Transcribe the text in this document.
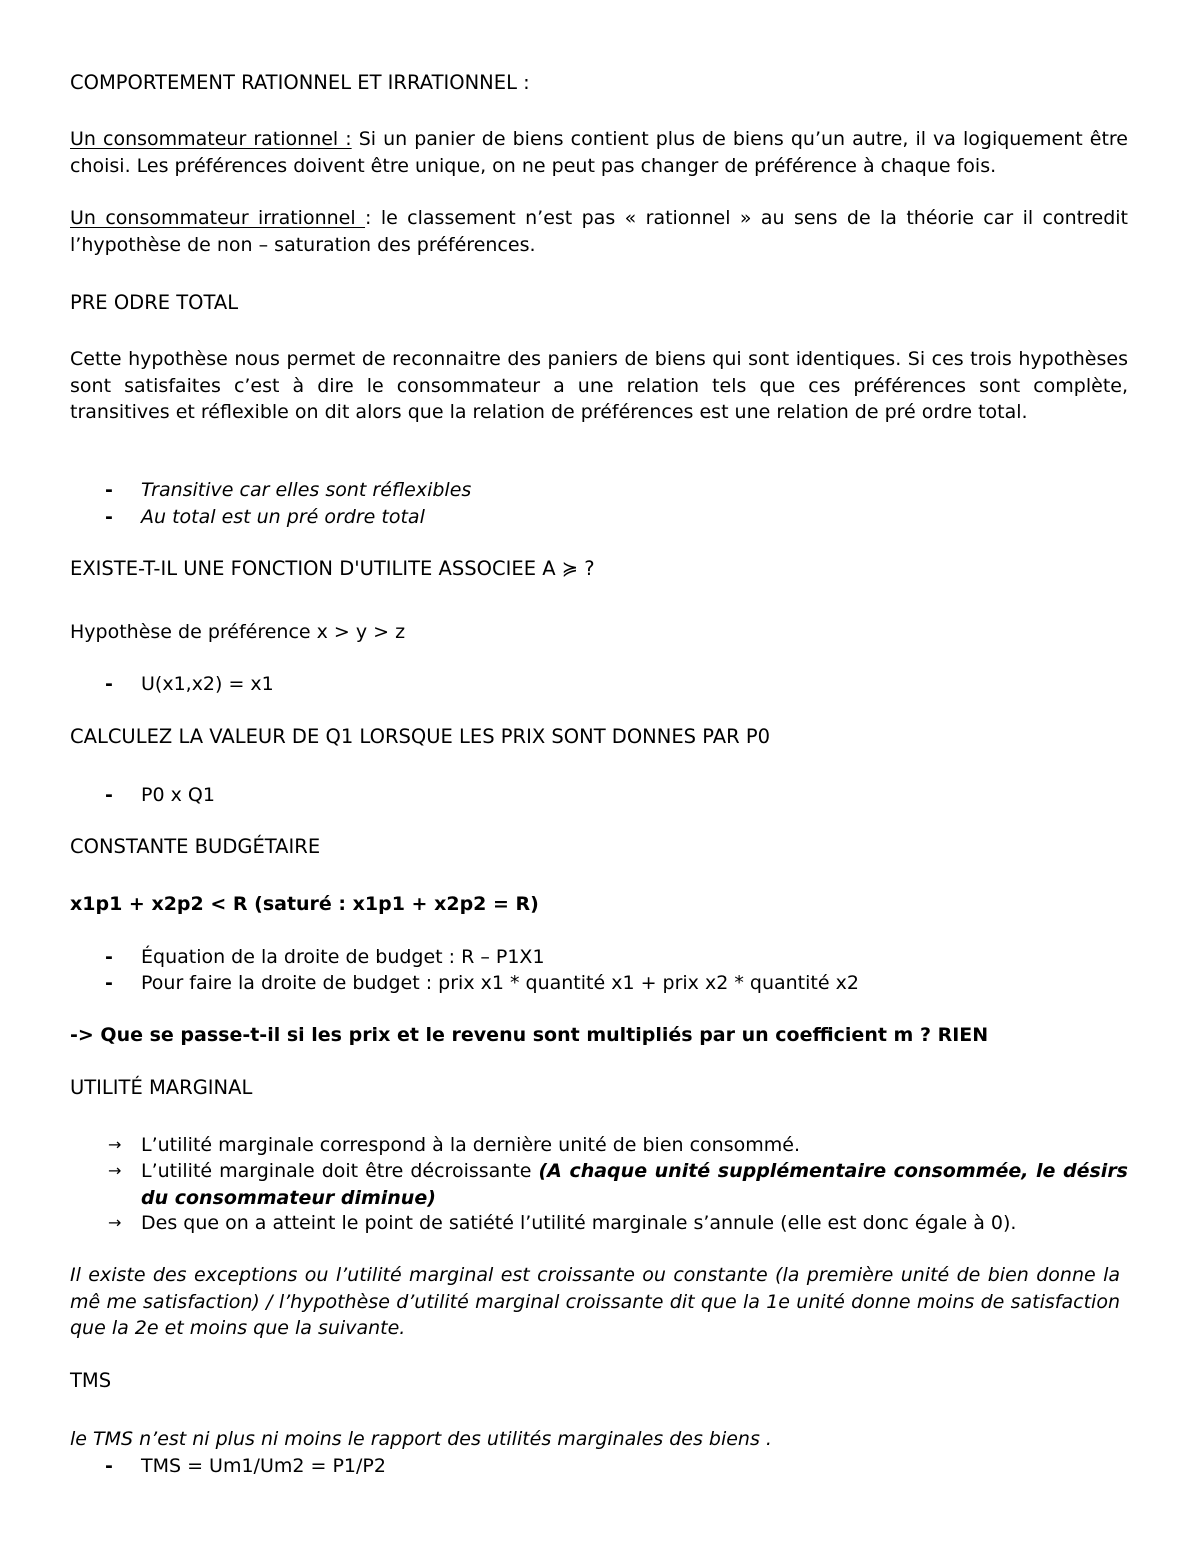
COMPORTEMENT RATIONNEL ET IRRATIONNEL :

Un consommateur rationnel : Si un panier de biens contient plus de biens qu’un autre, il va logiquement être choisi. Les préférences doivent être unique, on ne peut pas changer de préférence à chaque fois.

Un consommateur irrationnel : le classement n’est pas « rationnel » au sens de la théorie car il contredit l’hypothèse de non – saturation des préférences.

PRE ODRE TOTAL

Cette hypothèse nous permet de reconnaitre des paniers de biens qui sont identiques. Si ces trois hypothèses sont satisfaites c’est à dire le consommateur a une relation tels que ces préférences sont complète, transitives et réflexible on dit alors que la relation de préférences est une relation de pré ordre total.

- Transitive car elles sont réflexibles
- Au total est un pré ordre total
EXISTE-T-IL UNE FONCTION D'UTILITE ASSOCIEE A ≽ ?
Hypothèse de préférence x > y > z
- U(x1,x2) = x1
CALCULEZ LA VALEUR DE Q1 LORSQUE LES PRIX SONT DONNES PAR P0
- P0 x Q1
CONSTANTE BUDGÉTAIRE
x1p1 + x2p2 < R (saturé : x1p1 + x2p2 = R)
- Équation de la droite de budget : R – P1X1
- Pour faire la droite de budget : prix x1 * quantité x1 + prix x2 * quantité x2
-> Que se passe-t-il si les prix et le revenu sont multipliés par un coefficient m ? RIEN
UTILITÉ MARGINAL
→ L’utilité marginale correspond à la dernière unité de bien consommé.
→ L’utilité marginale doit être décroissante (A chaque unité supplémentaire consommée, le désirs du consommateur diminue)
→ Des que on a atteint le point de satiété l’utilité marginale s’annule (elle est donc égale à 0).

Il existe des exceptions ou l’utilité marginal est croissante ou constante (la première unité de bien donne la mê me satisfaction) / l’hypothèse d’utilité marginal croissante dit que la 1e unité donne moins de satisfaction que la 2e et moins que la suivante.

TMS
le TMS n’est ni plus ni moins le rapport des utilités marginales des biens .
- TMS = Um1/Um2 = P1/P2
